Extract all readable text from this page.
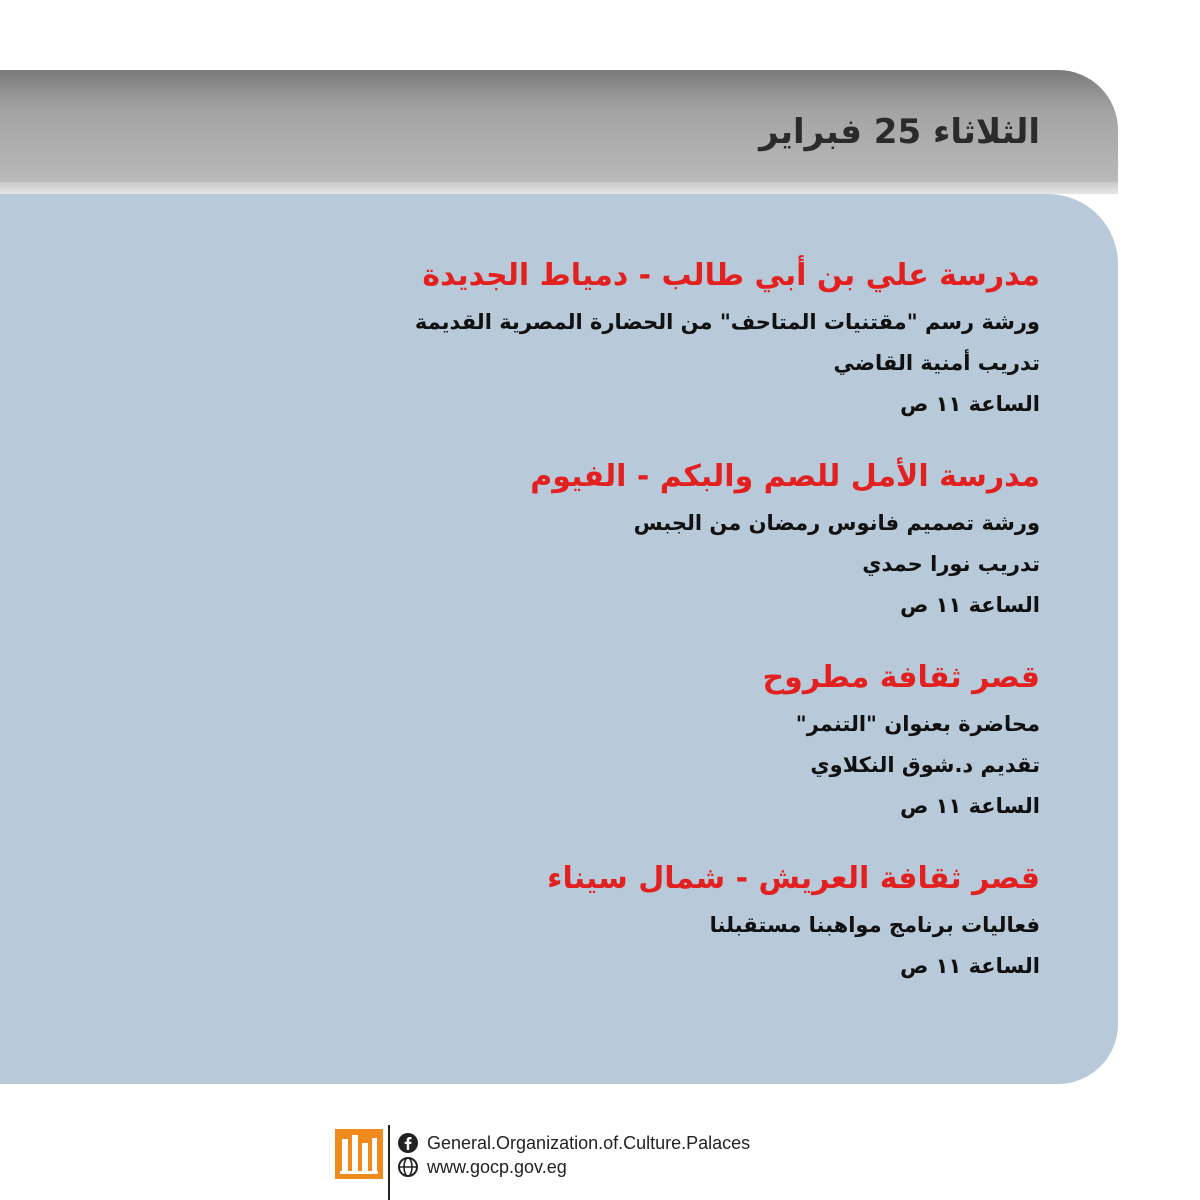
الثلاثاء 25 فبراير
مدرسة علي بن أبي طالب - دمياط الجديدة
ورشة رسم "مقتنيات المتاحف" من الحضارة المصرية القديمة
تدريب أمنية القاضي
الساعة ١١ ص
مدرسة الأمل للصم والبكم - الفيوم
ورشة تصميم فانوس رمضان من الجبس
تدريب نورا حمدي
الساعة ١١ ص
قصر ثقافة مطروح
محاضرة بعنوان "التنمر"
تقديم د.شوق النكلاوي
الساعة ١١ ص
قصر ثقافة العريش - شمال سيناء
فعاليات برنامج مواهبنا مستقبلنا
الساعة ١١ ص
General.Organization.of.Culture.Palaces
www.gocp.gov.eg
